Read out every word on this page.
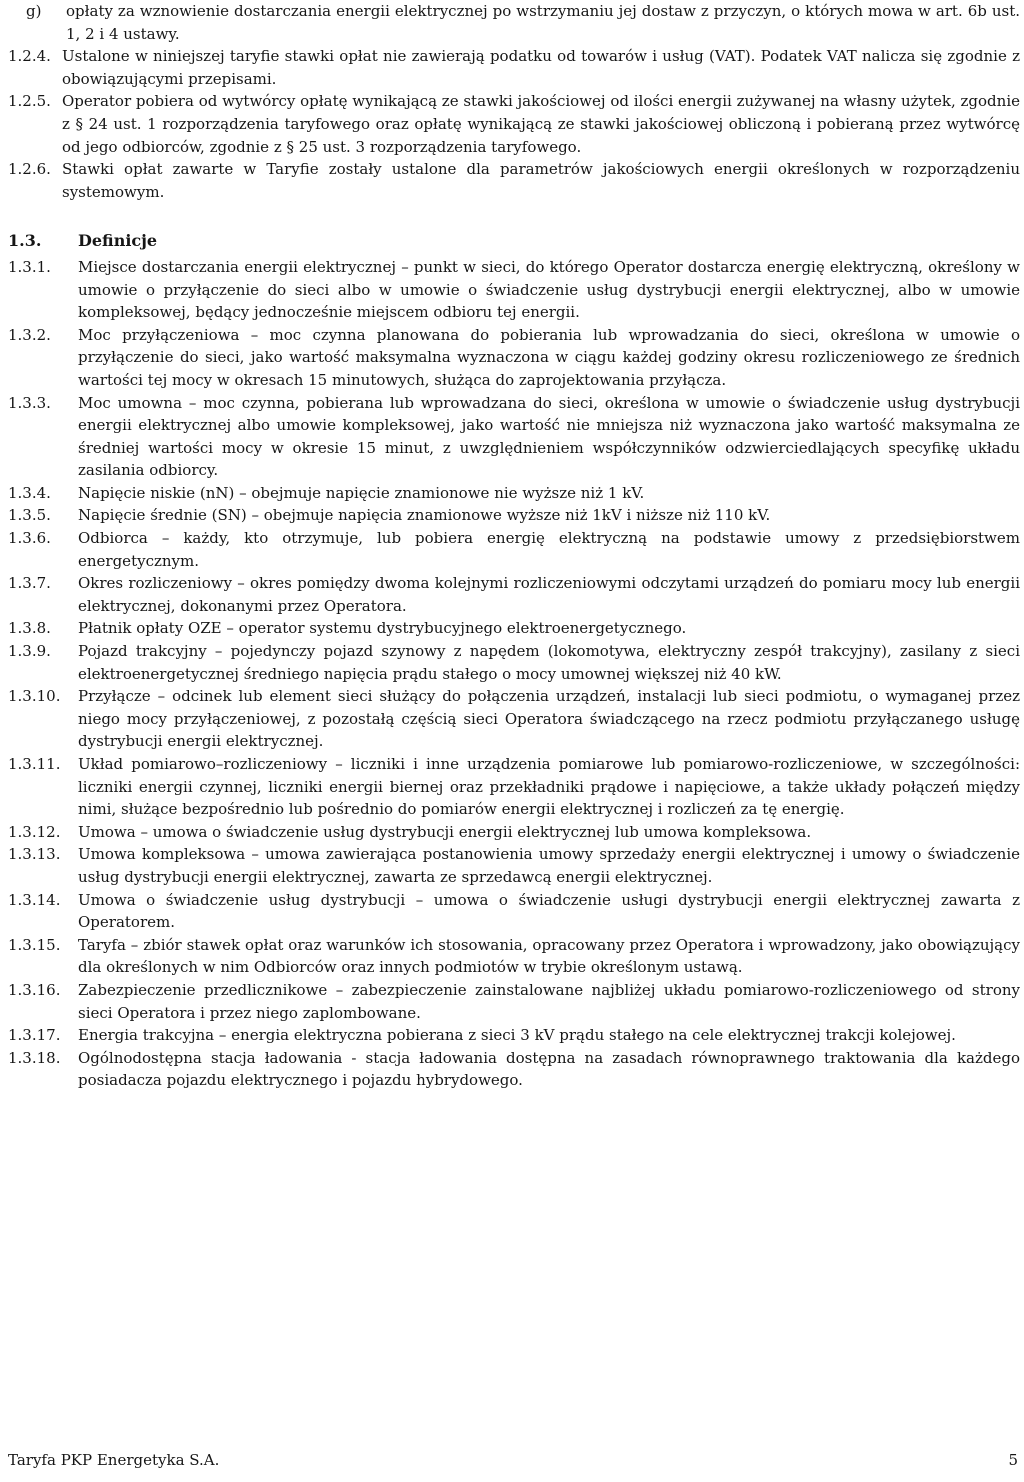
g)	opłaty za wznowienie dostarczania energii elektrycznej po wstrzymaniu jej dostaw z przyczyn, o których mowa w art. 6b ust. 1, 2 i 4 ustawy.
1.2.4. Ustalone w niniejszej taryfie stawki opłat nie zawierają podatku od towarów i usług (VAT). Podatek VAT nalicza się zgodnie z obowiązującymi przepisami.
1.2.5. Operator pobiera od wytwórcy opłatę wynikającą ze stawki jakościowej od ilości energii zużywanej na własny użytek, zgodnie z § 24 ust. 1 rozporządzenia taryfowego oraz opłatę wynikającą ze stawki jakościowej obliczoną i pobieraną przez wytwórcę od jego odbiorców, zgodnie z § 25 ust. 3 rozporządzenia taryfowego.
1.2.6. Stawki opłat zawarte w Taryfie zostały ustalone dla parametrów jakościowych energii określonych w rozporządzeniu systemowym.
1.3.	Definicje
1.3.1.	Miejsce dostarczania energii elektrycznej – punkt w sieci, do którego Operator dostarcza energię elektryczną, określony w umowie o przyłączenie do sieci albo w umowie o świadczenie usług dystrybucji energii elektrycznej, albo w umowie kompleksowej, będący jednocześnie miejscem odbioru tej energii.
1.3.2.	Moc przyłączeniowa – moc czynna planowana do pobierania lub wprowadzania do sieci, określona w umowie o przyłączenie do sieci, jako wartość maksymalna wyznaczona w ciągu każdej godziny okresu rozliczeniowego ze średnich wartości tej mocy w okresach 15 minutowych, służąca do zaprojektowania przyłącza.
1.3.3.	Moc umowna – moc czynna, pobierana lub wprowadzana do sieci, określona w umowie o świadczenie usług dystrybucji energii elektrycznej albo umowie kompleksowej, jako wartość nie mniejsza niż wyznaczona jako wartość maksymalna ze średniej wartości mocy w okresie 15 minut, z uwzględnieniem współczynników odzwierciedlających specyfikę układu zasilania odbiorcy.
1.3.4.	Napięcie niskie (nN) – obejmuje napięcie znamionowe nie wyższe niż 1 kV.
1.3.5.	Napięcie średnie (SN) – obejmuje napięcia znamionowe wyższe niż 1kV i niższe niż 110 kV.
1.3.6.	Odbiorca – każdy, kto otrzymuje, lub pobiera energię elektryczną na podstawie umowy z przedsiębiorstwem energetycznym.
1.3.7.	Okres rozliczeniowy – okres pomiędzy dwoma kolejnymi rozliczeniowymi odczytami urządzeń do pomiaru mocy lub energii elektrycznej, dokonanymi przez Operatora.
1.3.8.	Płatnik opłaty OZE – operator systemu dystrybucyjnego elektroenergetycznego.
1.3.9.	Pojazd trakcyjny – pojedynczy pojazd szynowy z napędem (lokomotywa, elektryczny zespół trakcyjny), zasilany z sieci elektroenergetycznej średniego napięcia prądu stałego o mocy umownej większej niż 40 kW.
1.3.10.	Przyłącze – odcinek lub element sieci służący do połączenia urządzeń, instalacji lub sieci podmiotu, o wymaganej przez niego mocy przyłączeniowej, z pozostałą częścią sieci Operatora świadczącego na rzecz podmiotu przyłączanego usługę dystrybucji energii elektrycznej.
1.3.11.	Układ pomiarowo–rozliczeniowy – liczniki i inne urządzenia pomiarowe lub pomiarowo-rozliczeniowe, w szczególności: liczniki energii czynnej, liczniki energii biernej oraz przekładniki prądowe i napięciowe, a także układy połączeń między nimi, służące bezpośrednio lub pośrednio do pomiarów energii elektrycznej i rozliczeń za tę energię.
1.3.12.	Umowa – umowa o świadczenie usług dystrybucji energii elektrycznej lub umowa kompleksowa.
1.3.13.	Umowa kompleksowa – umowa zawierająca postanowienia umowy sprzedaży energii elektrycznej i umowy o świadczenie usług dystrybucji energii elektrycznej, zawarta ze sprzedawcą energii elektrycznej.
1.3.14.	Umowa o świadczenie usług dystrybucji – umowa o świadczenie usługi dystrybucji energii elektrycznej zawarta z Operatorem.
1.3.15.	Taryfa – zbiór stawek opłat oraz warunków ich stosowania, opracowany przez Operatora i wprowadzony, jako obowiązujący dla określonych w nim Odbiorców oraz innych podmiotów w trybie określonym ustawą.
1.3.16.	Zabezpieczenie przedlicznikowe – zabezpieczenie zainstalowane najbliżej układu pomiarowo-rozliczeniowego od strony sieci Operatora i przez niego zaplombowane.
1.3.17.	Energia trakcyjna – energia elektryczna pobierana z sieci 3 kV prądu stałego na cele elektrycznej trakcji kolejowej.
1.3.18.	Ogólnodostępna stacja ładowania - stacja ładowania dostępna na zasadach równoprawnego traktowania dla każdego posiadacza pojazdu elektrycznego i pojazdu hybrydowego.
Taryfa PKP Energetyka S.A.	5
